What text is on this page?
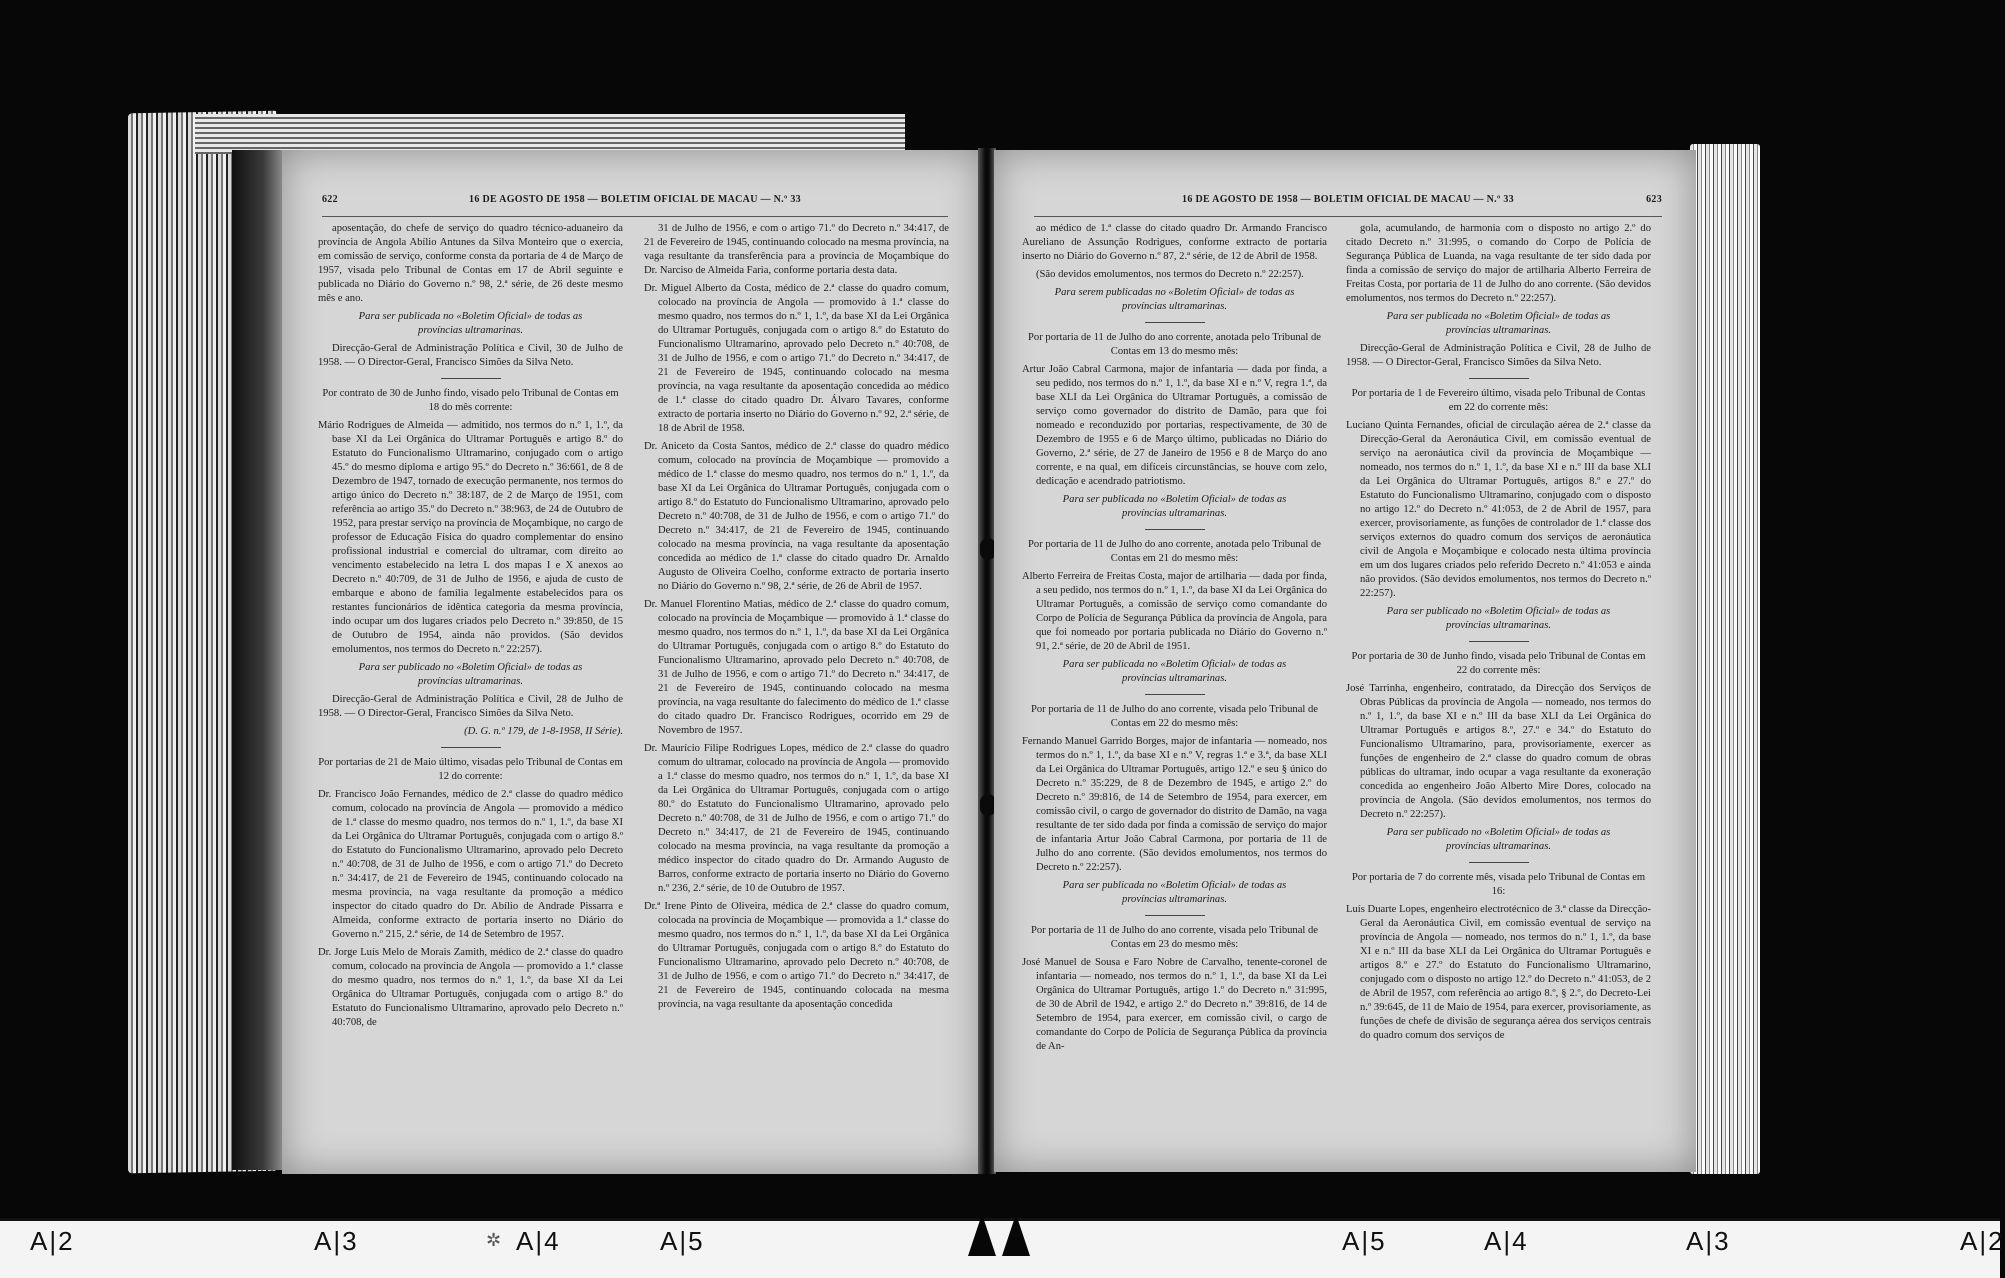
622	16 DE AGOSTO DE 1958 — BOLETIM OFICIAL DE MACAU — N.º 33

aposentação, do chefe de serviço do quadro técnico-aduaneiro da província de Angola Abílio Antunes da Silva Monteiro que o exercia, em comissão de serviço, conforme consta da portaria de 4 de Março de 1957, visada pelo Tribunal de Contas em 17 de Abril seguinte e publicada no Diário do Governo n.º 98, 2.ª série, de 26 deste mesmo mês e ano.

Para ser publicada no «Boletim Oficial» de todas as províncias ultramarinas.

Direcção-Geral de Administração Política e Civil, 30 de Julho de 1958. — O Director-Geral, Francisco Simões da Silva Neto.

Por contrato de 30 de Junho findo, visado pelo Tribunal de Contas em 18 do mês corrente:

Mário Rodrigues de Almeida — admitido, nos termos do n.º 1, 1.º, da base XI da Lei Orgânica do Ultramar Português e artigo 8.º do Estatuto do Funcionalismo Ultramarino, conjugado com o artigo 45.º do mesmo diploma e artigo 95.º do Decreto n.º 36:661, de 8 de Dezembro de 1947, tornado de execução permanente, nos termos do artigo único do Decreto n.º 38:187, de 2 de Março de 1951, com referência ao artigo 35.º do Decreto n.º 38:963, de 24 de Outubro de 1952, para prestar serviço na província de Moçambique, no cargo de professor de Educação Física do quadro complementar do ensino profissional industrial e comercial do ultramar, com direito ao vencimento estabelecido na letra L dos mapas I e X anexos ao Decreto n.º 40:709, de 31 de Julho de 1956, e ajuda de custo de embarque e abono de família legalmente estabelecidos para os restantes funcionários de idêntica categoria da mesma província, indo ocupar um dos lugares criados pelo Decreto n.º 39:850, de 15 de Outubro de 1954, ainda não providos. (São devidos emolumentos, nos termos do Decreto n.º 22:257).

Para ser publicado no «Boletim Oficial» de todas as províncias ultramarinas.

Direcção-Geral de Administração Política e Civil, 28 de Julho de 1958. — O Director-Geral, Francisco Simões da Silva Neto.

(D. G. n.º 179, de 1-8-1958, II Série).

Por portarias de 21 de Maio último, visadas pelo Tribunal de Contas em 12 do corrente:

Dr. Francisco João Fernandes, médico de 2.ª classe do quadro médico comum, colocado na província de Angola — promovido a médico de 1.ª classe do mesmo quadro, nos termos do n.º 1, 1.º, da base XI da Lei Orgânica do Ultramar Português, conjugada com o artigo 8.º do Estatuto do Funcionalismo Ultramarino, aprovado pelo Decreto n.º 40:708, de 31 de Julho de 1956, e com o artigo 71.º do Decreto n.º 34:417, de 21 de Fevereiro de 1945, continuando colocado na mesma província, na vaga resultante da promoção a médico inspector do citado quadro do Dr. Abílio de Andrade Pissarra e Almeida, conforme extracto de portaria inserto no Diário do Governo n.º 215, 2.ª série, de 14 de Setembro de 1957.

Dr. Jorge Luís Melo de Morais Zamith, médico de 2.ª classe do quadro comum, colocado na província de Angola — promovido a 1.ª classe do mesmo quadro, nos termos do n.º 1, 1.º, da base XI da Lei Orgânica do Ultramar Português, conjugada com o artigo 8.º do Estatuto do Funcionalismo Ultramarino, aprovado pelo Decreto n.º 40:708, de

31 de Julho de 1956, e com o artigo 71.º do Decreto n.º 34:417, de 21 de Fevereiro de 1945, continuando colocado na mesma província, na vaga resultante da transferência para a província de Moçambique do Dr. Narciso de Almeida Faria, conforme portaria desta data.

Dr. Miguel Alberto da Costa, médico de 2.ª classe do quadro comum, colocado na província de Angola — promovido à 1.ª classe do mesmo quadro, nos termos do n.º 1, 1.º, da base XI da Lei Orgânica do Ultramar Português, conjugada com o artigo 8.º do Estatuto do Funcionalismo Ultramarino, aprovado pelo Decreto n.º 40:708, de 31 de Julho de 1956, e com o artigo 71.º do Decreto n.º 34:417, de 21 de Fevereiro de 1945, continuando colocado na mesma província, na vaga resultante da aposentação concedida ao médico de 1.ª classe do citado quadro Dr. Álvaro Tavares, conforme extracto de portaria inserto no Diário do Governo n.º 92, 2.ª série, de 18 de Abril de 1958.

Dr. Aniceto da Costa Santos, médico de 2.ª classe do quadro médico comum, colocado na província de Moçambique — promovido a médico de 1.ª classe do mesmo quadro, nos termos do n.º 1, 1.º, da base XI da Lei Orgânica do Ultramar Português, conjugada com o artigo 8.º do Estatuto do Funcionalismo Ultramarino, aprovado pelo Decreto n.º 40:708, de 31 de Julho de 1956, e com o artigo 71.º do Decreto n.º 34:417, de 21 de Fevereiro de 1945, continuando colocado na mesma província, na vaga resultante da aposentação concedida ao médico de 1.ª classe do citado quadro Dr. Arnaldo Augusto de Oliveira Coelho, conforme extracto de portaria inserto no Diário do Governo n.º 98, 2.ª série, de 26 de Abril de 1957.

Dr. Manuel Florentino Matias, médico de 2.ª classe do quadro comum, colocado na província de Moçambique — promovido à 1.ª classe do mesmo quadro, nos termos do n.º 1, 1.º, da base XI da Lei Orgânica do Ultramar Português, conjugada com o artigo 8.º do Estatuto do Funcionalismo Ultramarino, aprovado pelo Decreto n.º 40:708, de 31 de Julho de 1956, e com o artigo 71.º do Decreto n.º 34:417, de 21 de Fevereiro de 1945, continuando colocado na mesma província, na vaga resultante do falecimento do médico de 1.ª classe do citado quadro Dr. Francisco Rodrigues, ocorrido em 29 de Novembro de 1957.

Dr. Maurício Filipe Rodrigues Lopes, médico de 2.ª classe do quadro comum do ultramar, colocado na província de Angola — promovido a 1.ª classe do mesmo quadro, nos termos do n.º 1, 1.º, da base XI da Lei Orgânica do Ultramar Português, conjugada com o artigo 80.º do Estatuto do Funcionalismo Ultramarino, aprovado pelo Decreto n.º 40:708, de 31 de Julho de 1956, e com o artigo 71.º do Decreto n.º 34:417, de 21 de Fevereiro de 1945, continuando colocado na mesma província, na vaga resultante da promoção a médico inspector do citado quadro do Dr. Armando Augusto de Barros, conforme extracto de portaria inserto no Diário do Governo n.º 236, 2.ª série, de 10 de Outubro de 1957.

Dr.ª Irene Pinto de Oliveira, médica de 2.ª classe do quadro comum, colocada na província de Moçambique — promovida a 1.ª classe do mesmo quadro, nos termos do n.º 1, 1.º, da base XI da Lei Orgânica do Ultramar Português, conjugada com o artigo 8.º do Estatuto do Funcionalismo Ultramarino, aprovado pelo Decreto n.º 40:708, de 31 de Julho de 1956, e com o artigo 71.º do Decreto n.º 34:417, de 21 de Fevereiro de 1945, continuando colocada na mesma província, na vaga resultante da aposentação concedida

16 DE AGOSTO DE 1958 — BOLETIM OFICIAL DE MACAU — N.º 33	623

ao médico de 1.ª classe do citado quadro Dr. Armando Francisco Aureliano de Assunção Rodrigues, conforme extracto de portaria inserto no Diário do Governo n.º 87, 2.ª série, de 12 de Abril de 1958.

(São devidos emolumentos, nos termos do Decreto n.º 22:257).

Para serem publicadas no «Boletim Oficial» de todas as províncias ultramarinas.

Por portaria de 11 de Julho do ano corrente, anotada pelo Tribunal de Contas em 13 do mesmo mês:

Artur João Cabral Carmona, major de infantaria — dada por finda, a seu pedido, nos termos do n.º 1, 1.º, da base XI e n.º V, regra 1.ª, da base XLI da Lei Orgânica do Ultramar Português, a comissão de serviço como governador do distrito de Damão, para que foi nomeado e reconduzido por portarias, respectivamente, de 30 de Dezembro de 1955 e 6 de Março último, publicadas no Diário do Governo, 2.ª série, de 27 de Janeiro de 1956 e 8 de Março do ano corrente, e na qual, em difíceis circunstâncias, se houve com zelo, dedicação e acendrado patriotismo.

Para ser publicada no «Boletim Oficial» de todas as províncias ultramarinas.

Por portaria de 11 de Julho do ano corrente, anotada pelo Tribunal de Contas em 21 do mesmo mês:

Alberto Ferreira de Freitas Costa, major de artilharia — dada por finda, a seu pedido, nos termos do n.º 1, 1.º, da base XI da Lei Orgânica do Ultramar Português, a comissão de serviço como comandante do Corpo de Polícia de Segurança Pública da província de Angola, para que foi nomeado por portaria publicada no Diário do Governo n.º 91, 2.ª série, de 20 de Abril de 1951.

Para ser publicada no «Boletim Oficial» de todas as províncias ultramarinas.

Por portaria de 11 de Julho do ano corrente, visada pelo Tribunal de Contas em 22 do mesmo mês:

Fernando Manuel Garrido Borges, major de infantaria — nomeado, nos termos do n.º 1, 1.º, da base XI e n.º V, regras 1.ª e 3.ª, da base XLI da Lei Orgânica do Ultramar Português, artigo 12.º e seu § único do Decreto n.º 35:229, de 8 de Dezembro de 1945, e artigo 2.º do Decreto n.º 39:816, de 14 de Setembro de 1954, para exercer, em comissão civil, o cargo de governador do distrito de Damão, na vaga resultante de ter sido dada por finda a comissão de serviço do major de infantaria Artur João Cabral Carmona, por portaria de 11 de Julho do ano corrente. (São devidos emolumentos, nos termos do Decreto n.º 22:257).

Para ser publicada no «Boletim Oficial» de todas as províncias ultramarinas.

Por portaria de 11 de Julho do ano corrente, visada pelo Tribunal de Contas em 23 do mesmo mês:

José Manuel de Sousa e Faro Nobre de Carvalho, tenente-coronel de infantaria — nomeado, nos termos do n.º 1, 1.º, da base XI da Lei Orgânica do Ultramar Português, artigo 1.º do Decreto n.º 31:995, de 30 de Abril de 1942, e artigo 2.º do Decreto n.º 39:816, de 14 de Setembro de 1954, para exercer, em comissão civil, o cargo de comandante do Corpo de Polícia de Segurança Pública da província de An-

gola, acumulando, de harmonia com o disposto no artigo 2.º do citado Decreto n.º 31:995, o comando do Corpo de Polícia de Segurança Pública de Luanda, na vaga resultante de ter sido dada por finda a comissão de serviço do major de artilharia Alberto Ferreira de Freitas Costa, por portaria de 11 de Julho do ano corrente. (São devidos emolumentos, nos termos do Decreto n.º 22:257).

Para ser publicada no «Boletim Oficial» de todas as províncias ultramarinas.

Direcção-Geral de Administração Política e Civil, 28 de Julho de 1958. — O Director-Geral, Francisco Simões da Silva Neto.

Por portaria de 1 de Fevereiro último, visada pelo Tribunal de Contas em 22 do corrente mês:

Luciano Quinta Fernandes, oficial de circulação aérea de 2.ª classe da Direcção-Geral da Aeronáutica Civil, em comissão eventual de serviço na aeronáutica civil da província de Moçambique — nomeado, nos termos do n.º 1, 1.º, da base XI e n.º III da base XLI da Lei Orgânica do Ultramar Português, artigos 8.º e 27.º do Estatuto do Funcionalismo Ultramarino, conjugado com o disposto no artigo 12.º do Decreto n.º 41:053, de 2 de Abril de 1957, para exercer, provisoriamente, as funções de controlador de 1.ª classe dos serviços externos do quadro comum dos serviços de aeronáutica civil de Angola e Moçambique e colocado nesta última província em um dos lugares criados pelo referido Decreto n.º 41:053 e ainda não providos. (São devidos emolumentos, nos termos do Decreto n.º 22:257).

Para ser publicado no «Boletim Oficial» de todas as províncias ultramarinas.

Por portaria de 30 de Junho findo, visada pelo Tribunal de Contas em 22 do corrente mês:

José Tarrinha, engenheiro, contratado, da Direcção dos Serviços de Obras Públicas da província de Angola — nomeado, nos termos do n.º 1, 1.º, da base XI e n.º III da base XLI da Lei Orgânica do Ultramar Português e artigos 8.º, 27.º e 34.º do Estatuto do Funcionalismo Ultramarino, para, provisoriamente, exercer as funções de engenheiro de 2.ª classe do quadro comum de obras públicas do ultramar, indo ocupar a vaga resultante da exoneração concedida ao engenheiro João Alberto Mire Dores, colocado na província de Angola. (São devidos emolumentos, nos termos do Decreto n.º 22:257).

Para ser publicado no «Boletim Oficial» de todas as províncias ultramarinas.

Por portaria de 7 do corrente mês, visada pelo Tribunal de Contas em 16:

Luís Duarte Lopes, engenheiro electrotécnico de 3.ª classe da Direcção-Geral da Aeronáutica Civil, em comissão eventual de serviço na província de Angola — nomeado, nos termos do n.º 1, 1.º, da base XI e n.º III da base XLI da Lei Orgânica do Ultramar Português e artigos 8.º e 27.º do Estatuto do Funcionalismo Ultramarino, conjugado com o disposto no artigo 12.º do Decreto n.º 41:053, de 2 de Abril de 1957, com referência ao artigo 8.º, § 2.º, do Decreto-Lei n.º 39:645, de 11 de Maio de 1954, para exercer, provisoriamente, as funções de chefe de divisão de segurança aérea dos serviços centrais do quadro comum dos serviços de

A|2	A|3	✲ A|4	A|5	A|5	A|4	A|3	A|2
